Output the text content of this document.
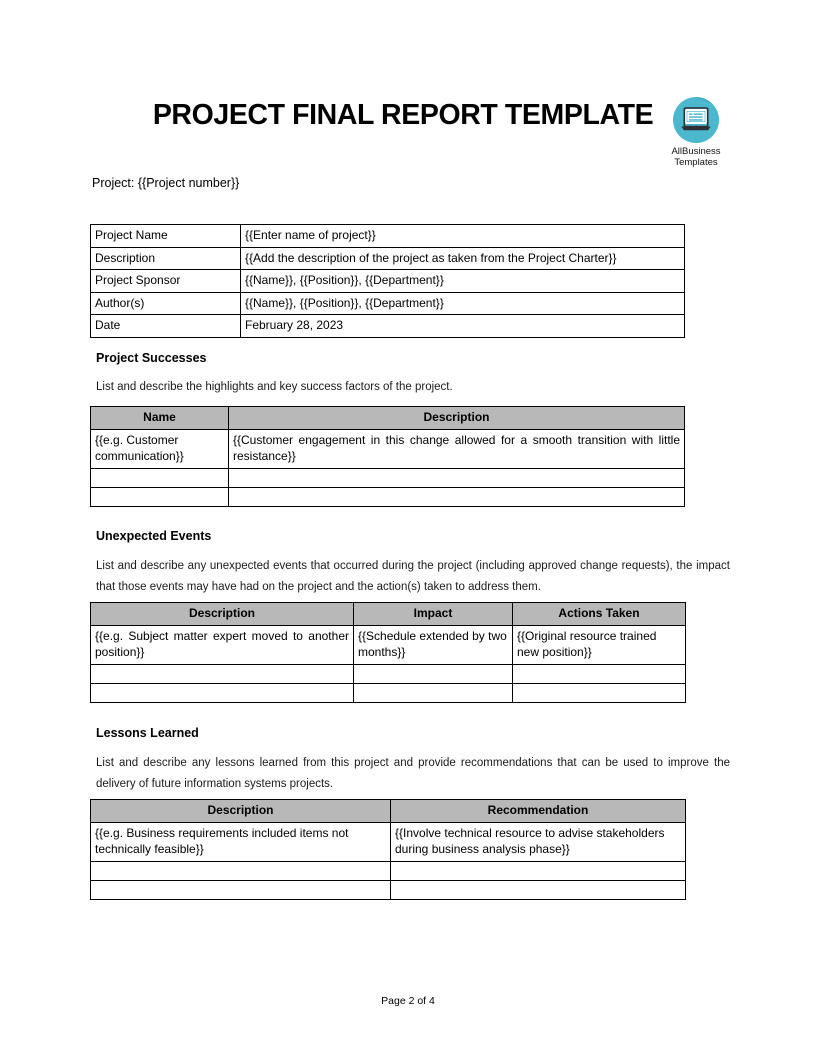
PROJECT FINAL REPORT TEMPLATE
AllBusiness
Templates
Project: {{Project number}}
Project Name	{{Enter name of project}}
Description	{{Add the description of the project as taken from the Project Charter}}
Project Sponsor	{{Name}}, {{Position}}, {{Department}}
Author(s)	{{Name}}, {{Position}}, {{Department}}
Date	February 28, 2023
Project Successes
List and describe the highlights and key success factors of the project.
Name	Description
{{e.g. Customer communication}}	{{Customer engagement in this change allowed for a smooth transition with little resistance}}

Unexpected Events
List and describe any unexpected events that occurred during the project (including approved change requests), the impact that those events may have had on the project and the action(s) taken to address them.
Description	Impact	Actions Taken
{{e.g. Subject matter expert moved to another position}}	{{Schedule extended by two months}}	{{Original resource trained new position}}

Lessons Learned
List and describe any lessons learned from this project and provide recommendations that can be used to improve the delivery of future information systems projects.
Description	Recommendation
{{e.g. Business requirements included items not technically feasible}}	{{Involve technical resource to advise stakeholders during business analysis phase}}

Page 2 of 4
